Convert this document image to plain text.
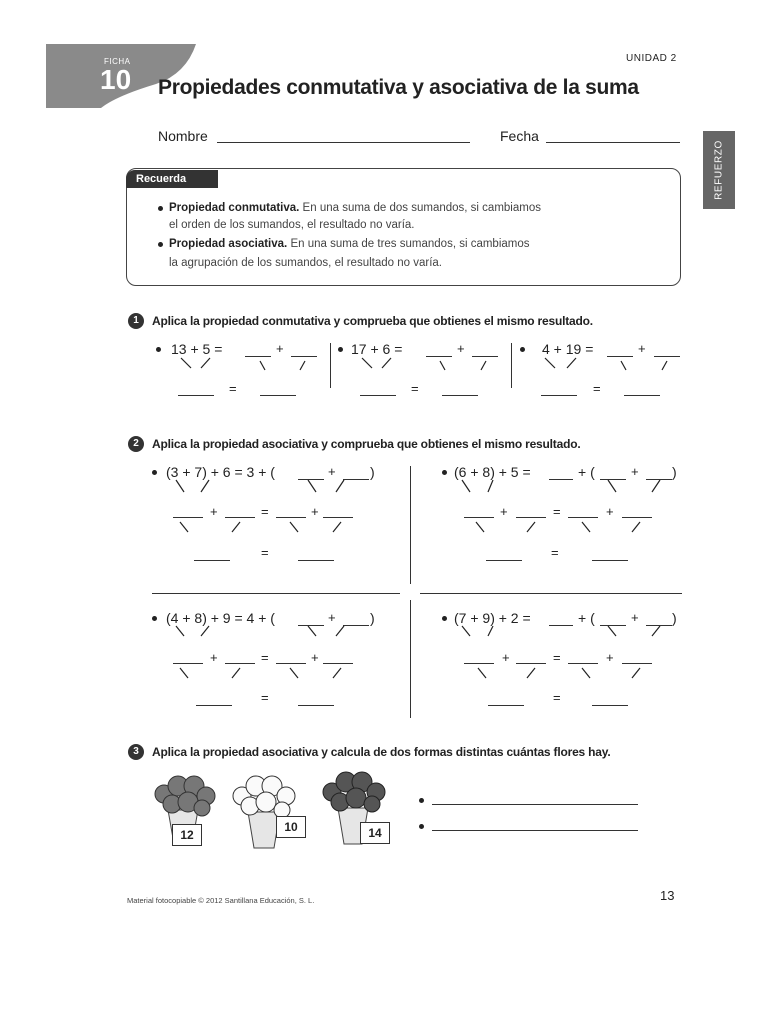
FICHA
10
UNIDAD 2
Propiedades conmutativa y asociativa de la suma
REFUERZO
Nombre	Fecha
Recuerda
Propiedad conmutativa. En una suma de dos sumandos, si cambiamos
el orden de los sumandos, el resultado no varía.
Propiedad asociativa. En una suma de tres sumandos, si cambiamos
la agrupación de los sumandos, el resultado no varía.
1	Aplica la propiedad conmutativa y comprueba que obtienes el mismo resultado.
13 + 5 =	+
=
17 + 6 =	+
=
4 + 19 =	+
=
2	Aplica la propiedad asociativa y comprueba que obtienes el mismo resultado.
(3 + 7) + 6 = 3 + (	+ )
+	=	+
=
(6 + 8) + 5 =	+ (	+ )
+	=	+
=
(4 + 8) + 9 = 4 + (	+ )
+	=	+
=
(7 + 9) + 2 =	+ (	+ )
+	=	+
=
3	Aplica la propiedad asociativa y calcula de dos formas distintas cuántas flores hay.
12
10	14
Material fotocopiable © 2012 Santillana Educación, S. L.	13
